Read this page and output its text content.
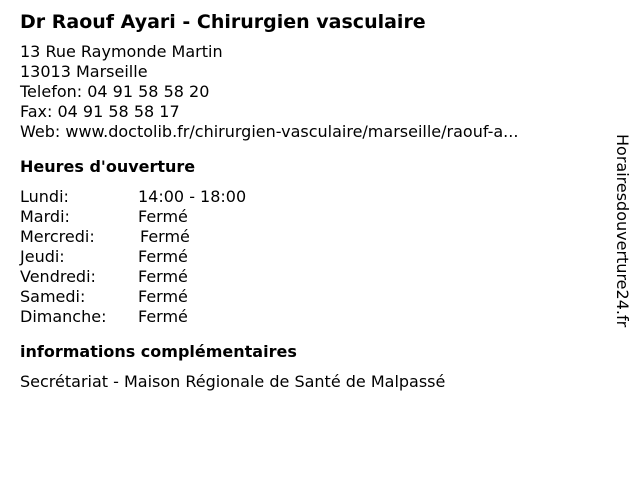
Dr Raouf Ayari - Chirurgien vasculaire
13 Rue Raymonde Martin
13013 Marseille
Telefon: 04 91 58 58 20
Fax: 04 91 58 58 17
Web: www.doctolib.fr/chirurgien-vasculaire/marseille/raouf-a...
Heures d'ouverture
Lundi:	14:00 - 18:00
Mardi:	Fermé
Mercredi:	Fermé
Jeudi:	Fermé
Vendredi:	Fermé
Samedi:	Fermé
Dimanche: Fermé
informations complémentaires
Secrétariat - Maison Régionale de Santé de Malpassé
Horairesdouverture24.fr
